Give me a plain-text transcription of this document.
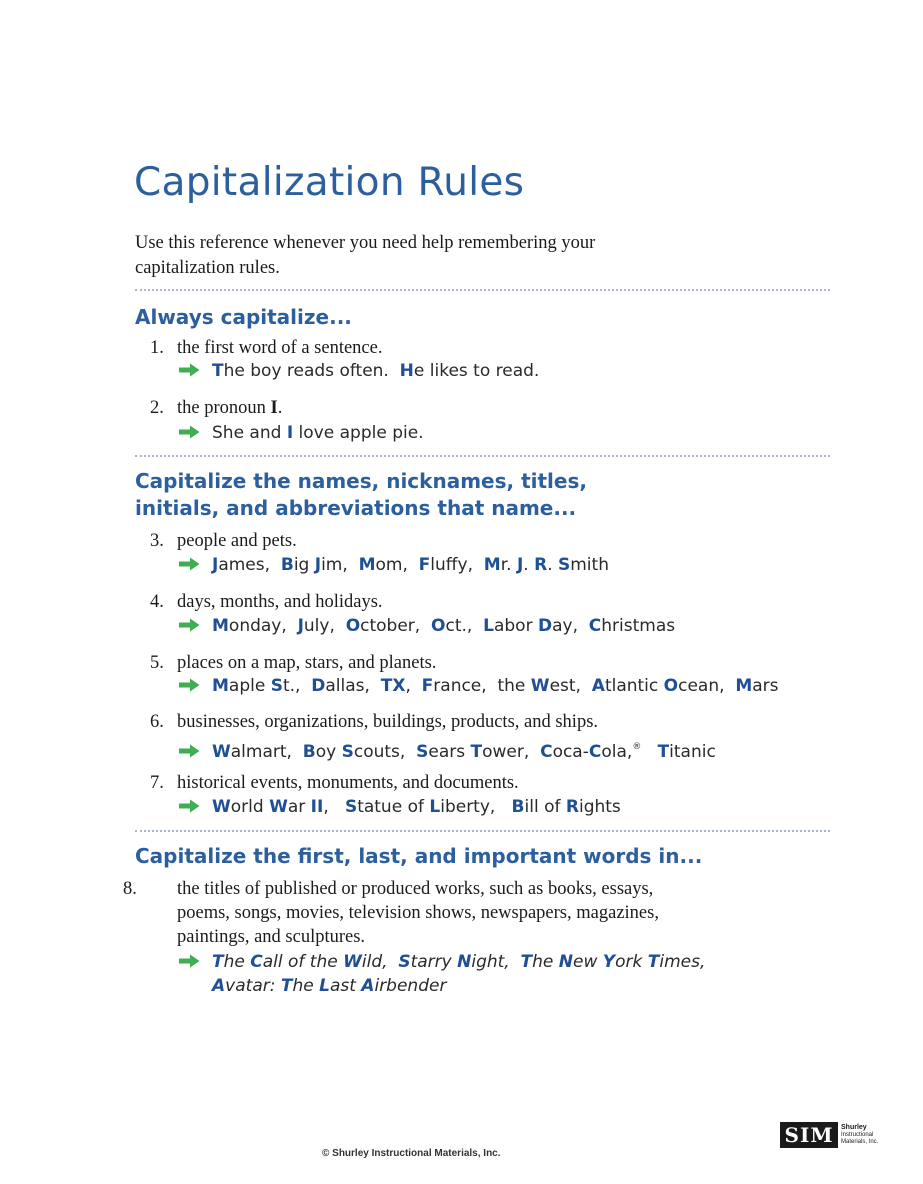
Capitalization Rules

Use this reference whenever you need help remembering your capitalization rules.

Always capitalize...

1. the first word of a sentence.

The boy reads often.  He likes to read.

2. the pronoun I.

She and I love apple pie.

Capitalize the names, nicknames, titles,
initials, and abbreviations that name...

3. people and pets.

James,  Big Jim,  Mom,  Fluffy,  Mr. J. R. Smith

4. days, months, and holidays.

Monday,  July,  October,  Oct.,  Labor Day,  Christmas

5. places on a map, stars, and planets.

Maple St.,  Dallas,  TX,  France,  the West,  Atlantic Ocean,  Mars

6. businesses, organizations, buildings, products, and ships.

Walmart,  Boy Scouts,  Sears Tower,  Coca-Cola,® Titanic

7. historical events, monuments, and documents.

World War II,   Statue of Liberty,   Bill of Rights

Capitalize the first, last, and important words in...

8. the titles of published or produced works, such as books, essays,
poems, songs, movies, television shows, newspapers, magazines,
paintings, and sculptures.

The Call of the Wild,  Starry Night,  The New York Times,

Avatar: The Last Airbender

© Shurley Instructional Materials, Inc.

SIM	Shurley
Instructional
Materials, Inc.
